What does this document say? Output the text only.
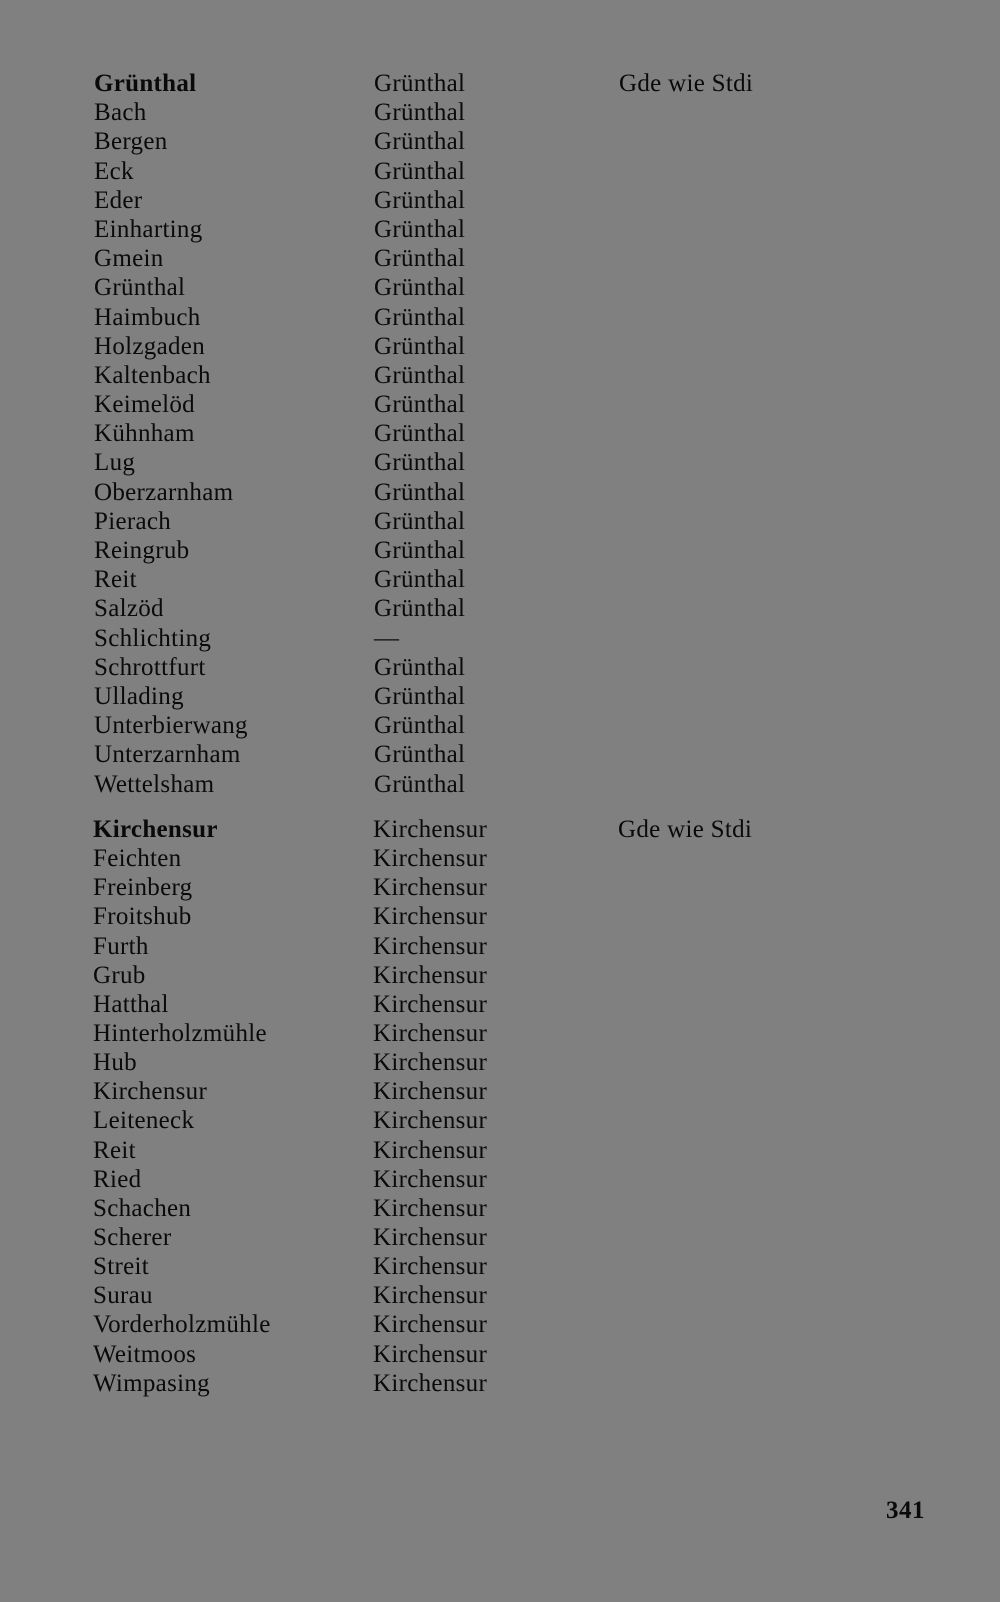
Grünthal	Grünthal	Gde wie Stdi
Bach	Grünthal
Bergen	Grünthal
Eck	Grünthal
Eder	Grünthal
Einharting	Grünthal
Gmein	Grünthal
Grünthal	Grünthal
Haimbuch	Grünthal
Holzgaden	Grünthal
Kaltenbach	Grünthal
Keimelöd	Grünthal
Kühnham	Grünthal
Lug	Grünthal
Oberzarnham	Grünthal
Pierach	Grünthal
Reingrub	Grünthal
Reit	Grünthal
Salzöd	Grünthal
Schlichting	—
Schrottfurt	Grünthal
Ullading	Grünthal
Unterbierwang	Grünthal
Unterzarnham	Grünthal
Wettelsham	Grünthal
Kirchensur	Kirchensur	Gde wie Stdi
Feichten	Kirchensur
Freinberg	Kirchensur
Froitshub	Kirchensur
Furth	Kirchensur
Grub	Kirchensur
Hatthal	Kirchensur
Hinterholzmühle	Kirchensur
Hub	Kirchensur
Kirchensur	Kirchensur
Leiteneck	Kirchensur
Reit	Kirchensur
Ried	Kirchensur
Schachen	Kirchensur
Scherer	Kirchensur
Streit	Kirchensur
Surau	Kirchensur
Vorderholzmühle	Kirchensur
Weitmoos	Kirchensur
Wimpasing	Kirchensur
341
